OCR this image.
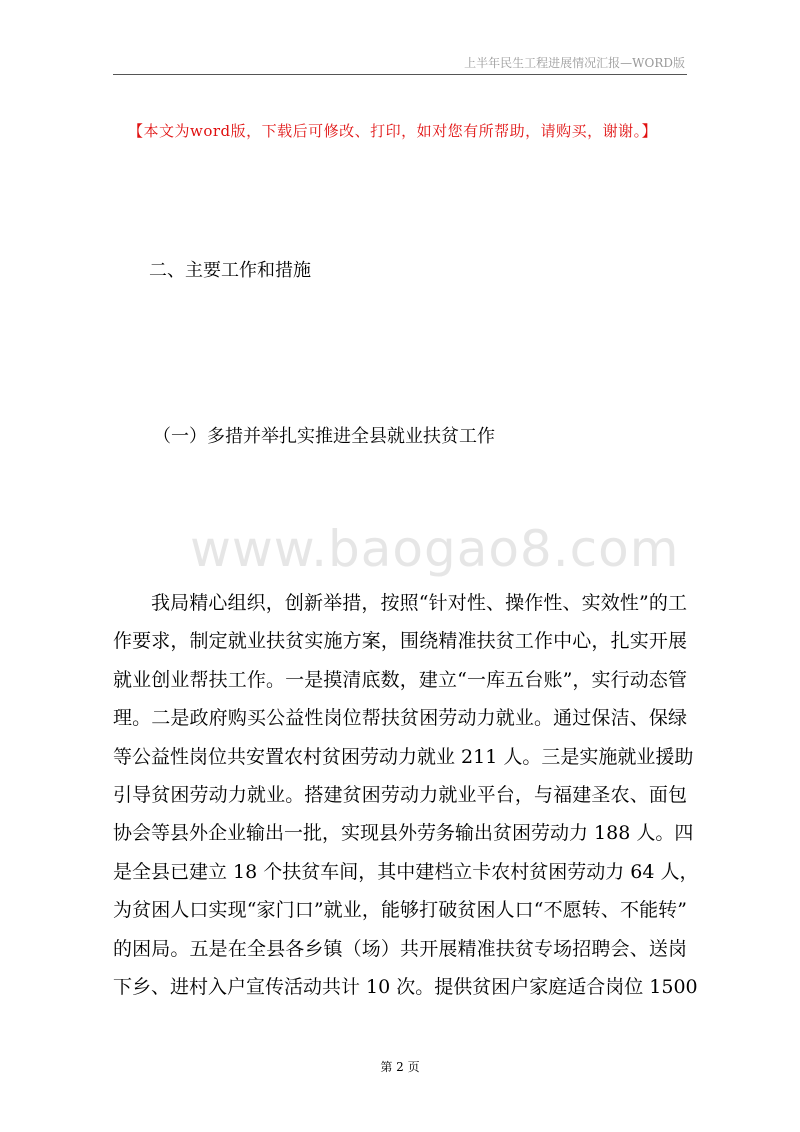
上半年民生工程进展情况汇报—WORD版
【本文为word版，下载后可修改、打印，如对您有所帮助，请购买，谢谢。】
二、主要工作和措施
（一）多措并举扎实推进全县就业扶贫工作
www.baogao8.com
我局精心组织，创新举措，按照“针对性、操作性、实效性”的工
作要求，制定就业扶贫实施方案，围绕精准扶贫工作中心，扎实开展
就业创业帮扶工作。一是摸清底数，建立“一库五台账”，实行动态管
理。二是政府购买公益性岗位帮扶贫困劳动力就业。通过保洁、保绿
等公益性岗位共安置农村贫困劳动力就业 211 人。三是实施就业援助
引导贫困劳动力就业。搭建贫困劳动力就业平台，与福建圣农、面包
协会等县外企业输出一批，实现县外劳务输出贫困劳动力 188 人。四
是全县已建立 18 个扶贫车间，其中建档立卡农村贫困劳动力 64 人，
为贫困人口实现“家门口”就业，能够打破贫困人口“不愿转、不能转”
的困局。五是在全县各乡镇（场）共开展精准扶贫专场招聘会、送岗
下乡、进村入户宣传活动共计 10 次。提供贫困户家庭适合岗位 1500
第 2 页
